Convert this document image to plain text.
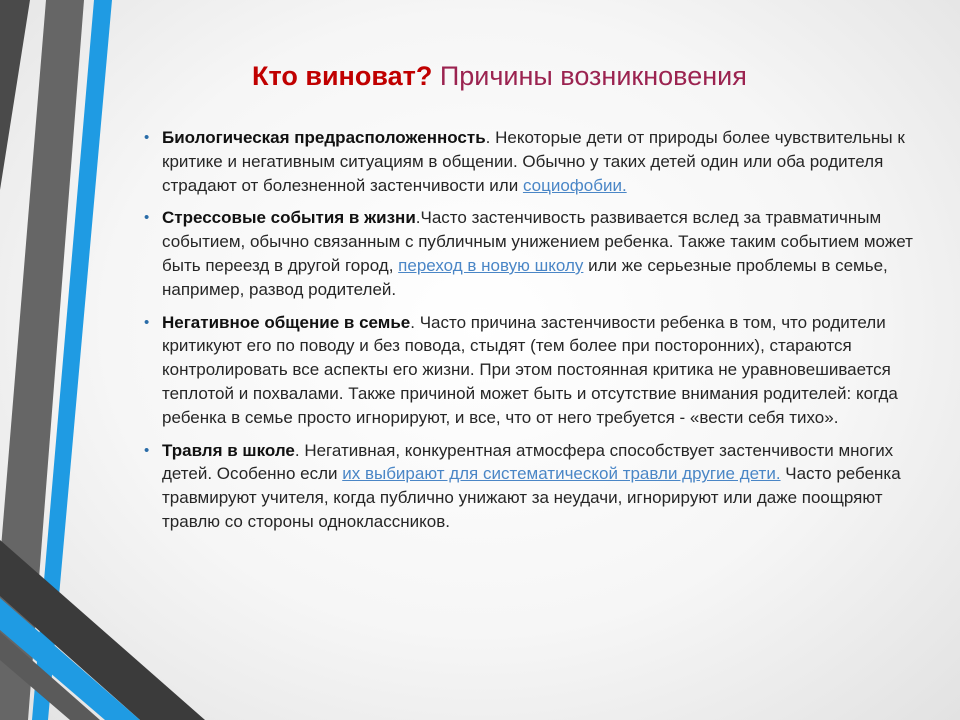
Кто виноват? Причины возникновения
• Биологическая предрасположенность. Некоторые дети от природы более чувствительны к критике и негативным ситуациям в общении. Обычно у таких детей один или оба родителя страдают от болезненной застенчивости или социофобии.
• Стрессовые события в жизни.Часто застенчивость развивается вслед за травматичным событием, обычно связанным с публичным унижением ребенка. Также таким событием может быть переезд в другой город, переход в новую школу или же серьезные проблемы в семье, например, развод родителей.
• Негативное общение в семье. Часто причина застенчивости ребенка в том, что родители критикуют его по поводу и без повода, стыдят (тем более при посторонних), стараются контролировать все аспекты его жизни. При этом постоянная критика не уравновешивается теплотой и похвалами. Также причиной может быть и отсутствие внимания родителей: когда ребенка в семье просто игнорируют, и все, что от него требуется - «вести себя тихо».
• Травля в школе. Негативная, конкурентная атмосфера способствует застенчивости многих детей. Особенно если их выбирают для систематической травли другие дети. Часто ребенка травмируют учителя, когда публично унижают за неудачи, игнорируют или даже поощряют травлю со стороны одноклассников.
